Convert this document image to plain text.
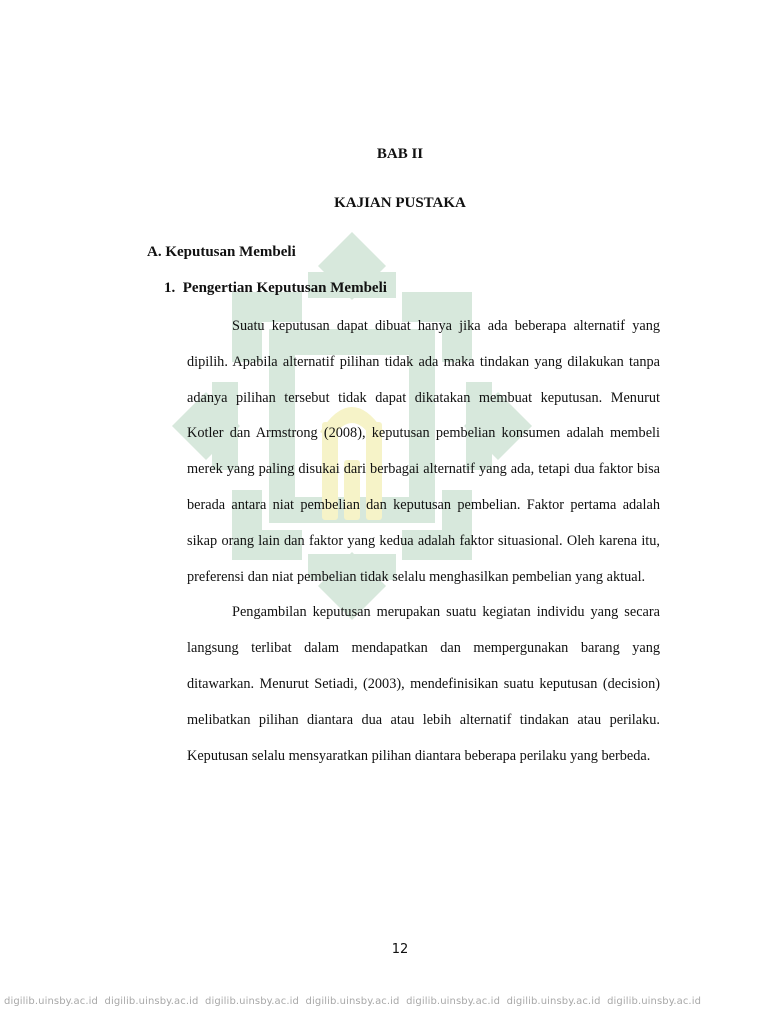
BAB II
KAJIAN PUSTAKA
A. Keputusan Membeli
1.  Pengertian Keputusan Membeli

Suatu keputusan dapat dibuat hanya jika ada beberapa alternatif yang dipilih. Apabila alternatif pilihan tidak ada maka tindakan yang dilakukan tanpa adanya pilihan tersebut tidak dapat dikatakan membuat keputusan. Menurut Kotler dan Armstrong (2008), keputusan pembelian konsumen adalah membeli merek yang paling disukai dari berbagai alternatif yang ada, tetapi dua faktor bisa berada antara niat pembelian dan keputusan pembelian. Faktor pertama adalah sikap orang lain dan faktor yang kedua adalah faktor situasional. Oleh karena itu, preferensi dan niat pembelian tidak selalu menghasilkan pembelian yang aktual.

Pengambilan keputusan merupakan suatu kegiatan individu yang secara langsung terlibat dalam mendapatkan dan mempergunakan barang yang ditawarkan. Menurut Setiadi, (2003), mendefinisikan suatu keputusan (decision) melibatkan pilihan diantara dua atau lebih alternatif tindakan atau perilaku. Keputusan selalu mensyaratkan pilihan diantara beberapa perilaku yang berbeda.

12
digilib.uinsby.ac.id digilib.uinsby.ac.id digilib.uinsby.ac.id digilib.uinsby.ac.id digilib.uinsby.ac.id digilib.uinsby.ac.id digilib.uinsby.ac.id
